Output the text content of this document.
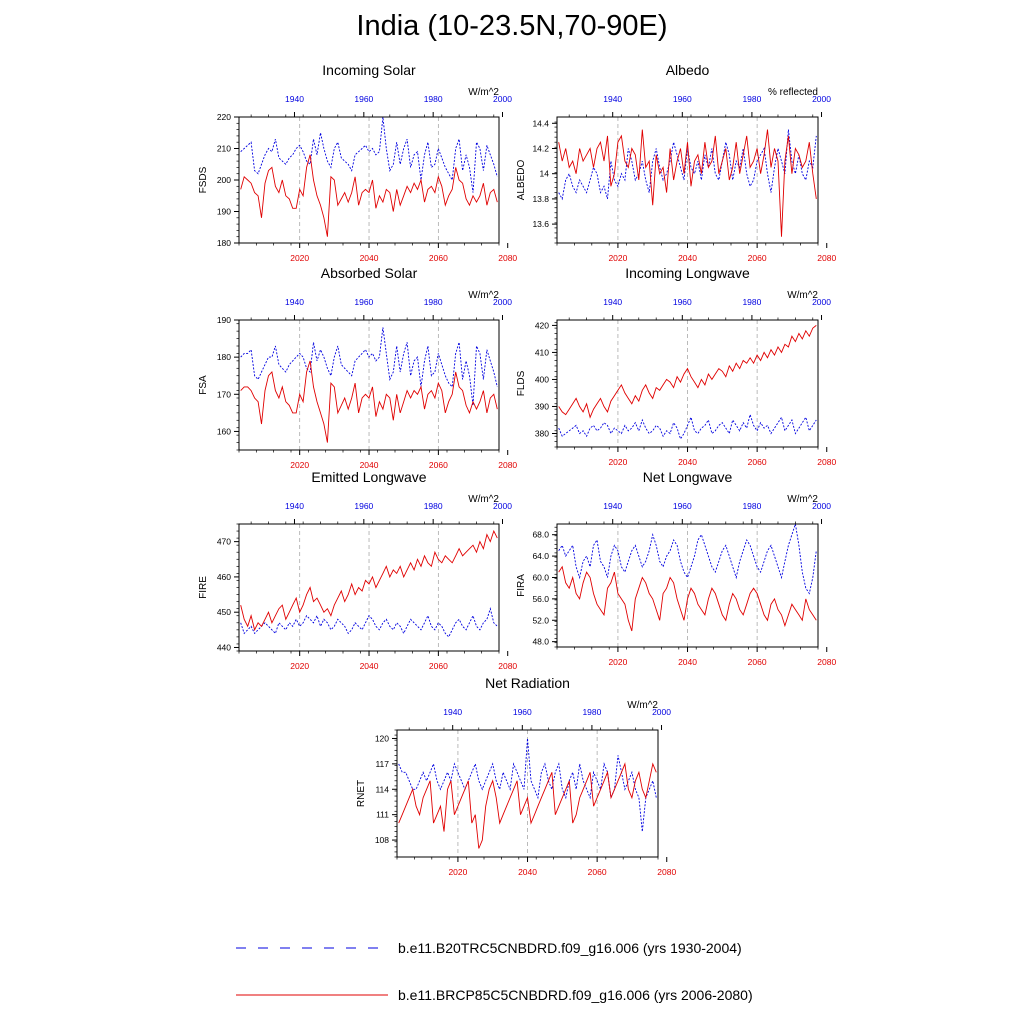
India (10-23.5N,70-90E)
Incoming Solar
W/m^2
180
190
200
210
220
FSDS
2020	2040	2060	2080
1940	1960	1980	2000
Albedo
% reflected
13.6
13.8
14
14.2
14.4
ALBEDO
2020	2040	2060	2080
1940	1960	1980	2000
Absorbed Solar
W/m^2
160
170
180
190
FSA
2020	2040	2060	2080
1940	1960	1980	2000
Incoming Longwave
W/m^2
380
390
400
410
420
FLDS
2020	2040	2060	2080
1940	1960	1980	2000
Emitted Longwave
W/m^2
440
450
460
470
FIRE
2020	2040	2060	2080
1940	1960	1980	2000
Net Longwave
W/m^2
48.0
52.0
56.0
60.0
64.0
68.0
FIRA
2020	2040	2060	2080
1940	1960	1980	2000
Net Radiation
W/m^2
108
111
114
117
120
RNET
2020	2040	2060	2080
1940	1960	1980	2000
b.e11.B20TRC5CNBDRD.f09_g16.006 (yrs 1930-2004)
b.e11.BRCP85C5CNBDRD.f09_g16.006 (yrs 2006-2080)
